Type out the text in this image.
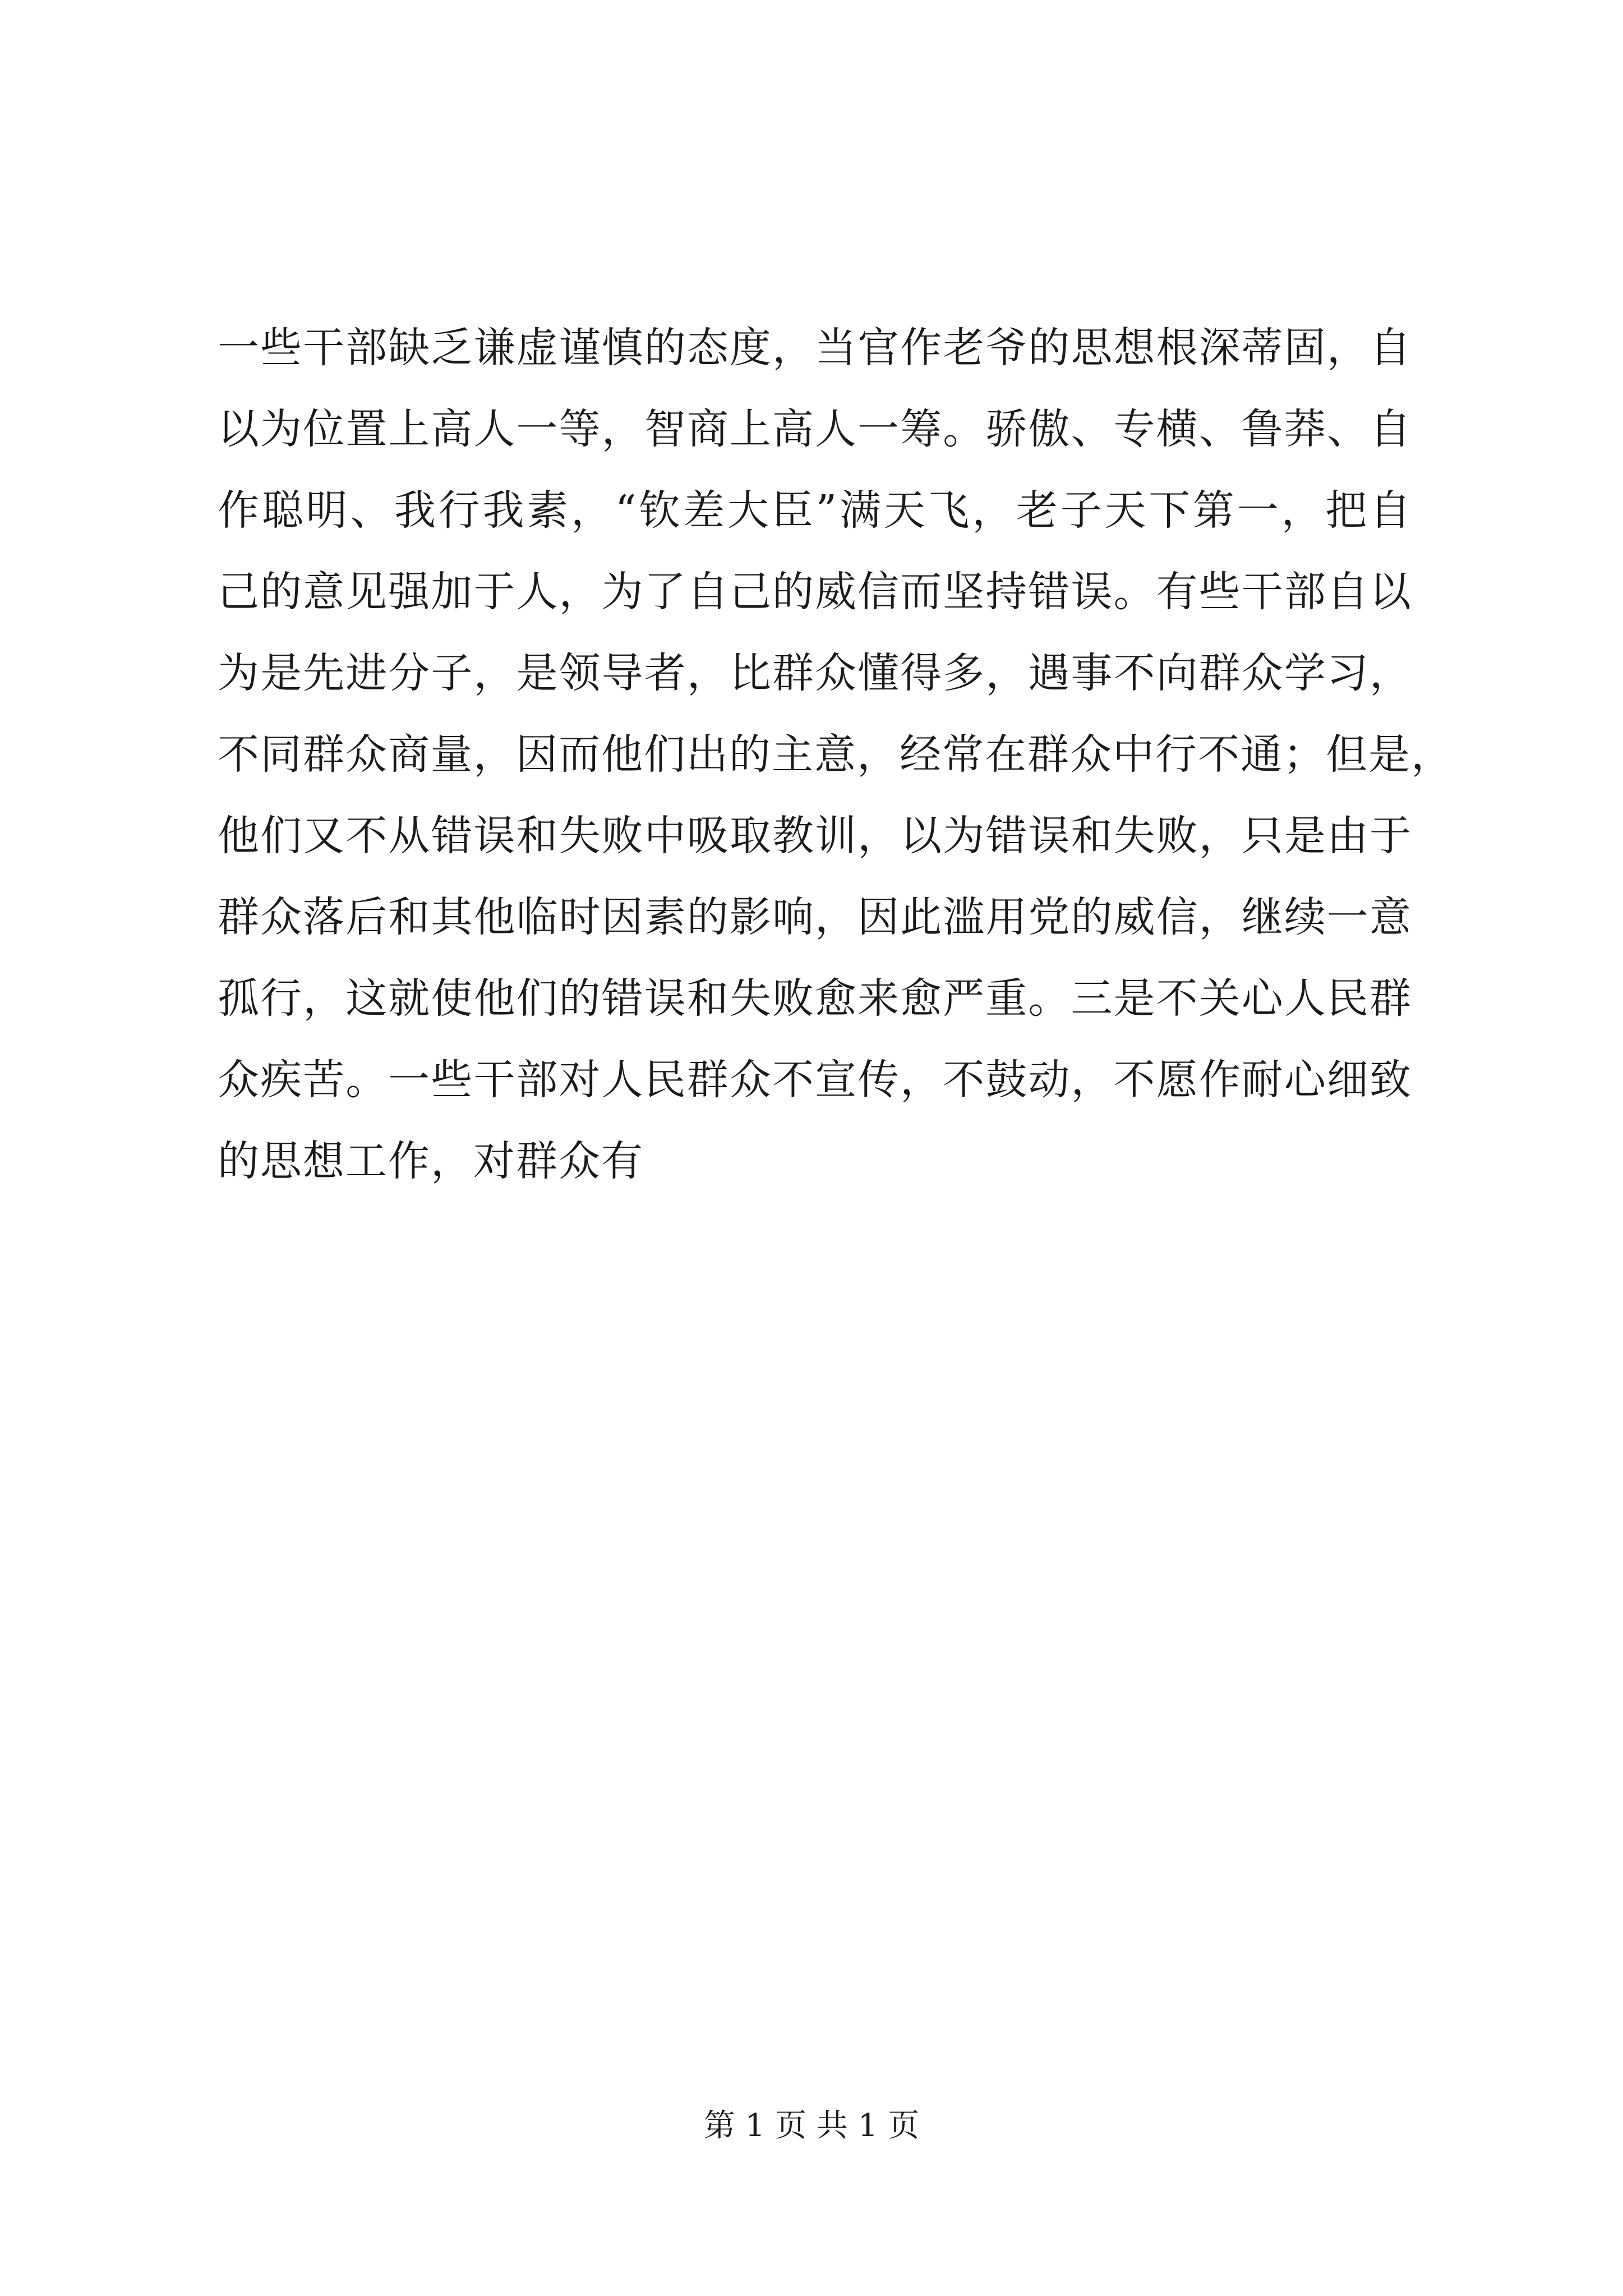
一些干部缺乏谦虚谨慎的态度，当官作老爷的思想根深蒂固，自
以为位置上高人一等，智商上高人一筹。骄傲、专横、鲁莽、自
作聪明、我行我素，“钦差大臣”满天飞，老子天下第一，把自
己的意见强加于人，为了自己的威信而坚持错误。有些干部自以
为是先进分子，是领导者，比群众懂得多，遇事不向群众学习，
不同群众商量，因而他们出的主意，经常在群众中行不通；但是，
他们又不从错误和失败中吸取教训，以为错误和失败，只是由于
群众落后和其他临时因素的影响，因此滥用党的威信，继续一意
孤行，这就使他们的错误和失败愈来愈严重。三是不关心人民群
众疾苦。一些干部对人民群众不宣传，不鼓动，不愿作耐心细致
的思想工作，对群众有
第 1 页 共 1 页
